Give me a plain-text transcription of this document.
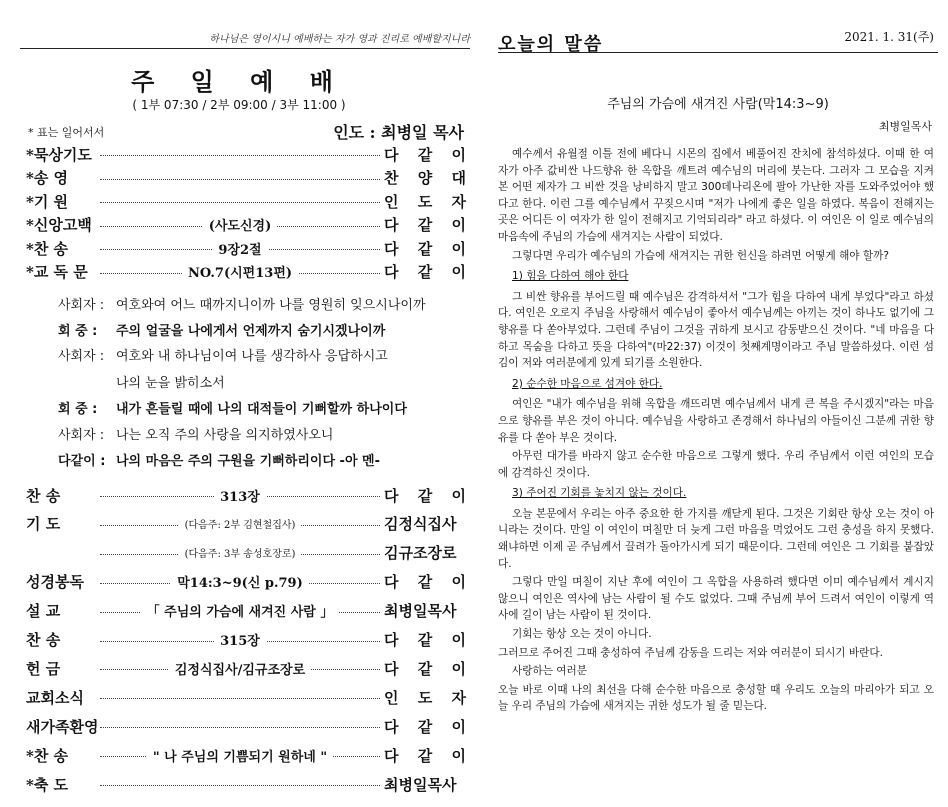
하나님은 영이시니 예배하는 자가 영과 진리로 예배할지니라
주 일 예 배
( 1부 07:30 / 2부 09:00 / 3부 11:00 )
* 표는 일어서서	인도 : 최병일 목사
*묵상기도	다 같 이
*송 영	찬 양 대
*기 원	인 도 자
*신앙고백	(사도신경)	다 같 이
*찬 송	9장2절	다 같 이
*교 독 문	NO.7(시편13편)	다 같 이
사회자 : 여호와여 어느 때까지니이까 나를 영원히 잊으시나이까
회 중 : 주의 얼굴을 나에게서 언제까지 숨기시겠나이까
사회자 : 여호와 내 하나님이여 나를 생각하사 응답하시고
나의 눈을 밝히소서
회 중 : 내가 흔들릴 때에 나의 대적들이 기뻐할까 하나이다
사회자 : 나는 오직 주의 사랑을 의지하였사오니
다같이 : 나의 마음은 주의 구원을 기뻐하리이다 -아 멘-
찬 송	313장	다 같 이
기 도	(다음주: 2부 김현철집사)	김정식집사
(다음주: 3부 송성호장로)	김규조장로
성경봉독	막14:3~9(신 p.79)	다 같 이
설 교	「 주님의 가슴에 새겨진 사람 」	최병일목사
찬 송	315장	다 같 이
헌 금	김정식집사/김규조장로	다 같 이
교회소식	인 도 자
새가족환영	다 같 이
*찬 송	" 나 주님의 기쁨되기 원하네 "	다 같 이
*축 도	최병일목사
오늘의 말씀	2021. 1. 31(주)
주님의 가슴에 새겨진 사람(막14:3~9)
최병일목사

예수께서 유월절 이틀 전에 베다니 시몬의 집에서 베풀어진 잔치에 참석하셨다. 이때 한 여자가 아주 값비싼 나드향유 한 옥합을 깨트려 예수님의 머리에 붓는다. 그러자 그 모습을 지켜본 어떤 제자가 그 비싼 것을 낭비하지 말고 300데나리온에 팔아 가난한 자를 도와주었어야 했다고 한다. 이런 그를 예수님께서 꾸짖으시며 "저가 나에게 좋은 일을 하였다. 복음이 전해지는 곳은 어디든 이 여자가 한 일이 전해지고 기억되리라" 라고 하셨다. 이 여인은 이 일로 예수님의 마음속에 주님의 가슴에 새겨지는 사람이 되었다.

그렇다면 우리가 예수님의 가슴에 새겨지는 귀한 헌신을 하려면 어떻게 해야 할까?

1) 힘을 다하여 해야 한다

그 비싼 향유를 부어드릴 때 예수님은 감격하셔서 "그가 힘을 다하여 내게 부었다"라고 하셨다. 여인은 오로지 주님을 사랑해서 예수님이 좋아서 예수님께는 아끼는 것이 하나도 없기에 그 향유를 다 쏟아부었다. 그런데 주님이 그것을 귀하게 보시고 감동받으신 것이다. "네 마음을 다하고 목숨을 다하고 뜻을 다하여"(마22:37) 이것이 첫째계명이라고 주님 말씀하셨다. 이런 섬김이 저와 여러분에게 있게 되기를 소원한다.

2) 순수한 마음으로 섬겨야 한다.

여인은 "내가 예수님을 위해 옥합을 깨뜨리면 예수님께서 내게 큰 복을 주시겠지"라는 마음으로 향유를 부은 것이 아니다. 예수님을 사랑하고 존경해서 하나님의 아들이신 그분께 귀한 향유를 다 쏟아 부은 것이다.

아무런 대가를 바라지 않고 순수한 마음으로 그렇게 했다. 우리 주님께서 이런 여인의 모습에 감격하신 것이다.

3) 주어진 기회를 놓치지 않는 것이다.

오늘 본문에서 우리는 아주 중요한 한 가지를 깨닫게 된다. 그것은 기회란 항상 오는 것이 아니라는 것이다. 만일 이 여인이 며칠만 더 늦게 그런 마음을 먹었어도 그런 충성을 하지 못했다. 왜냐하면 이제 곧 주님께서 끌려가 돌아가시게 되기 때문이다. 그런데 여인은 그 기회를 붙잡았다.

그렇다 만일 며칠이 지난 후에 여인이 그 옥합을 사용하려 했다면 이미 예수님께서 계시지 않으니 여인은 역사에 남는 사람이 될 수도 없었다. 그때 주님께 부어 드려서 여인이 이렇게 역사에 길이 남는 사람이 된 것이다.

기회는 항상 오는 것이 아니다.

그러므로 주어진 그때 충성하여 주님께 감동을 드리는 저와 여러분이 되시기 바란다.

사랑하는 여러분

오늘 바로 이때 나의 최선을 다해 순수한 마음으로 충성할 때 우리도 오늘의 마리아가 되고 오늘 우리 주님의 가슴에 새겨지는 귀한 성도가 될 줄 믿는다.
